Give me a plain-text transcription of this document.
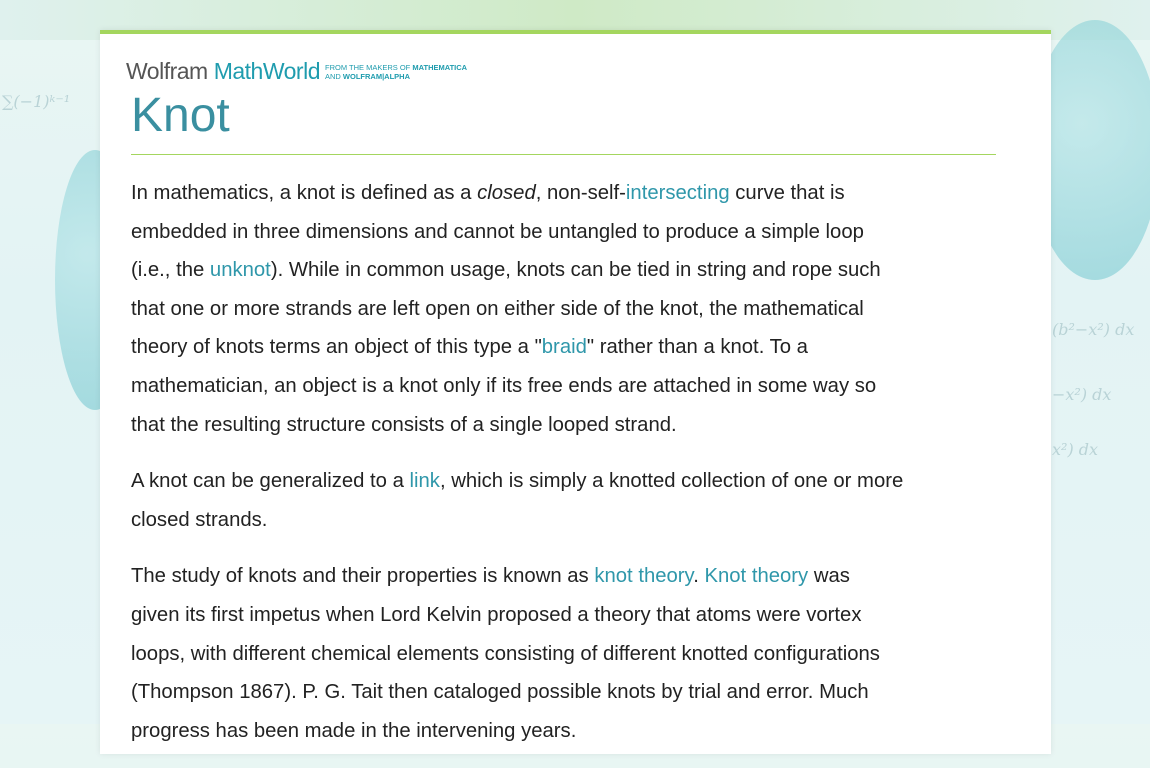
∑(−1)ᵏ⁻¹
(b²−x²) dx
−x²) dx
x²) dx
Wolfram MathWorld FROM THE MAKERS OF MATHEMATICA
AND WOLFRAM|ALPHA
Knot
In mathematics, a knot is defined as a closed, non-self-intersecting curve that is
embedded in three dimensions and cannot be untangled to produce a simple loop
(i.e., the unknot). While in common usage, knots can be tied in string and rope such
that one or more strands are left open on either side of the knot, the mathematical
theory of knots terms an object of this type a "braid" rather than a knot. To a
mathematician, an object is a knot only if its free ends are attached in some way so
that the resulting structure consists of a single looped strand.
A knot can be generalized to a link, which is simply a knotted collection of one or more
closed strands.
The study of knots and their properties is known as knot theory. Knot theory was
given its first impetus when Lord Kelvin proposed a theory that atoms were vortex
loops, with different chemical elements consisting of different knotted configurations
(Thompson 1867). P. G. Tait then cataloged possible knots by trial and error. Much
progress has been made in the intervening years.
